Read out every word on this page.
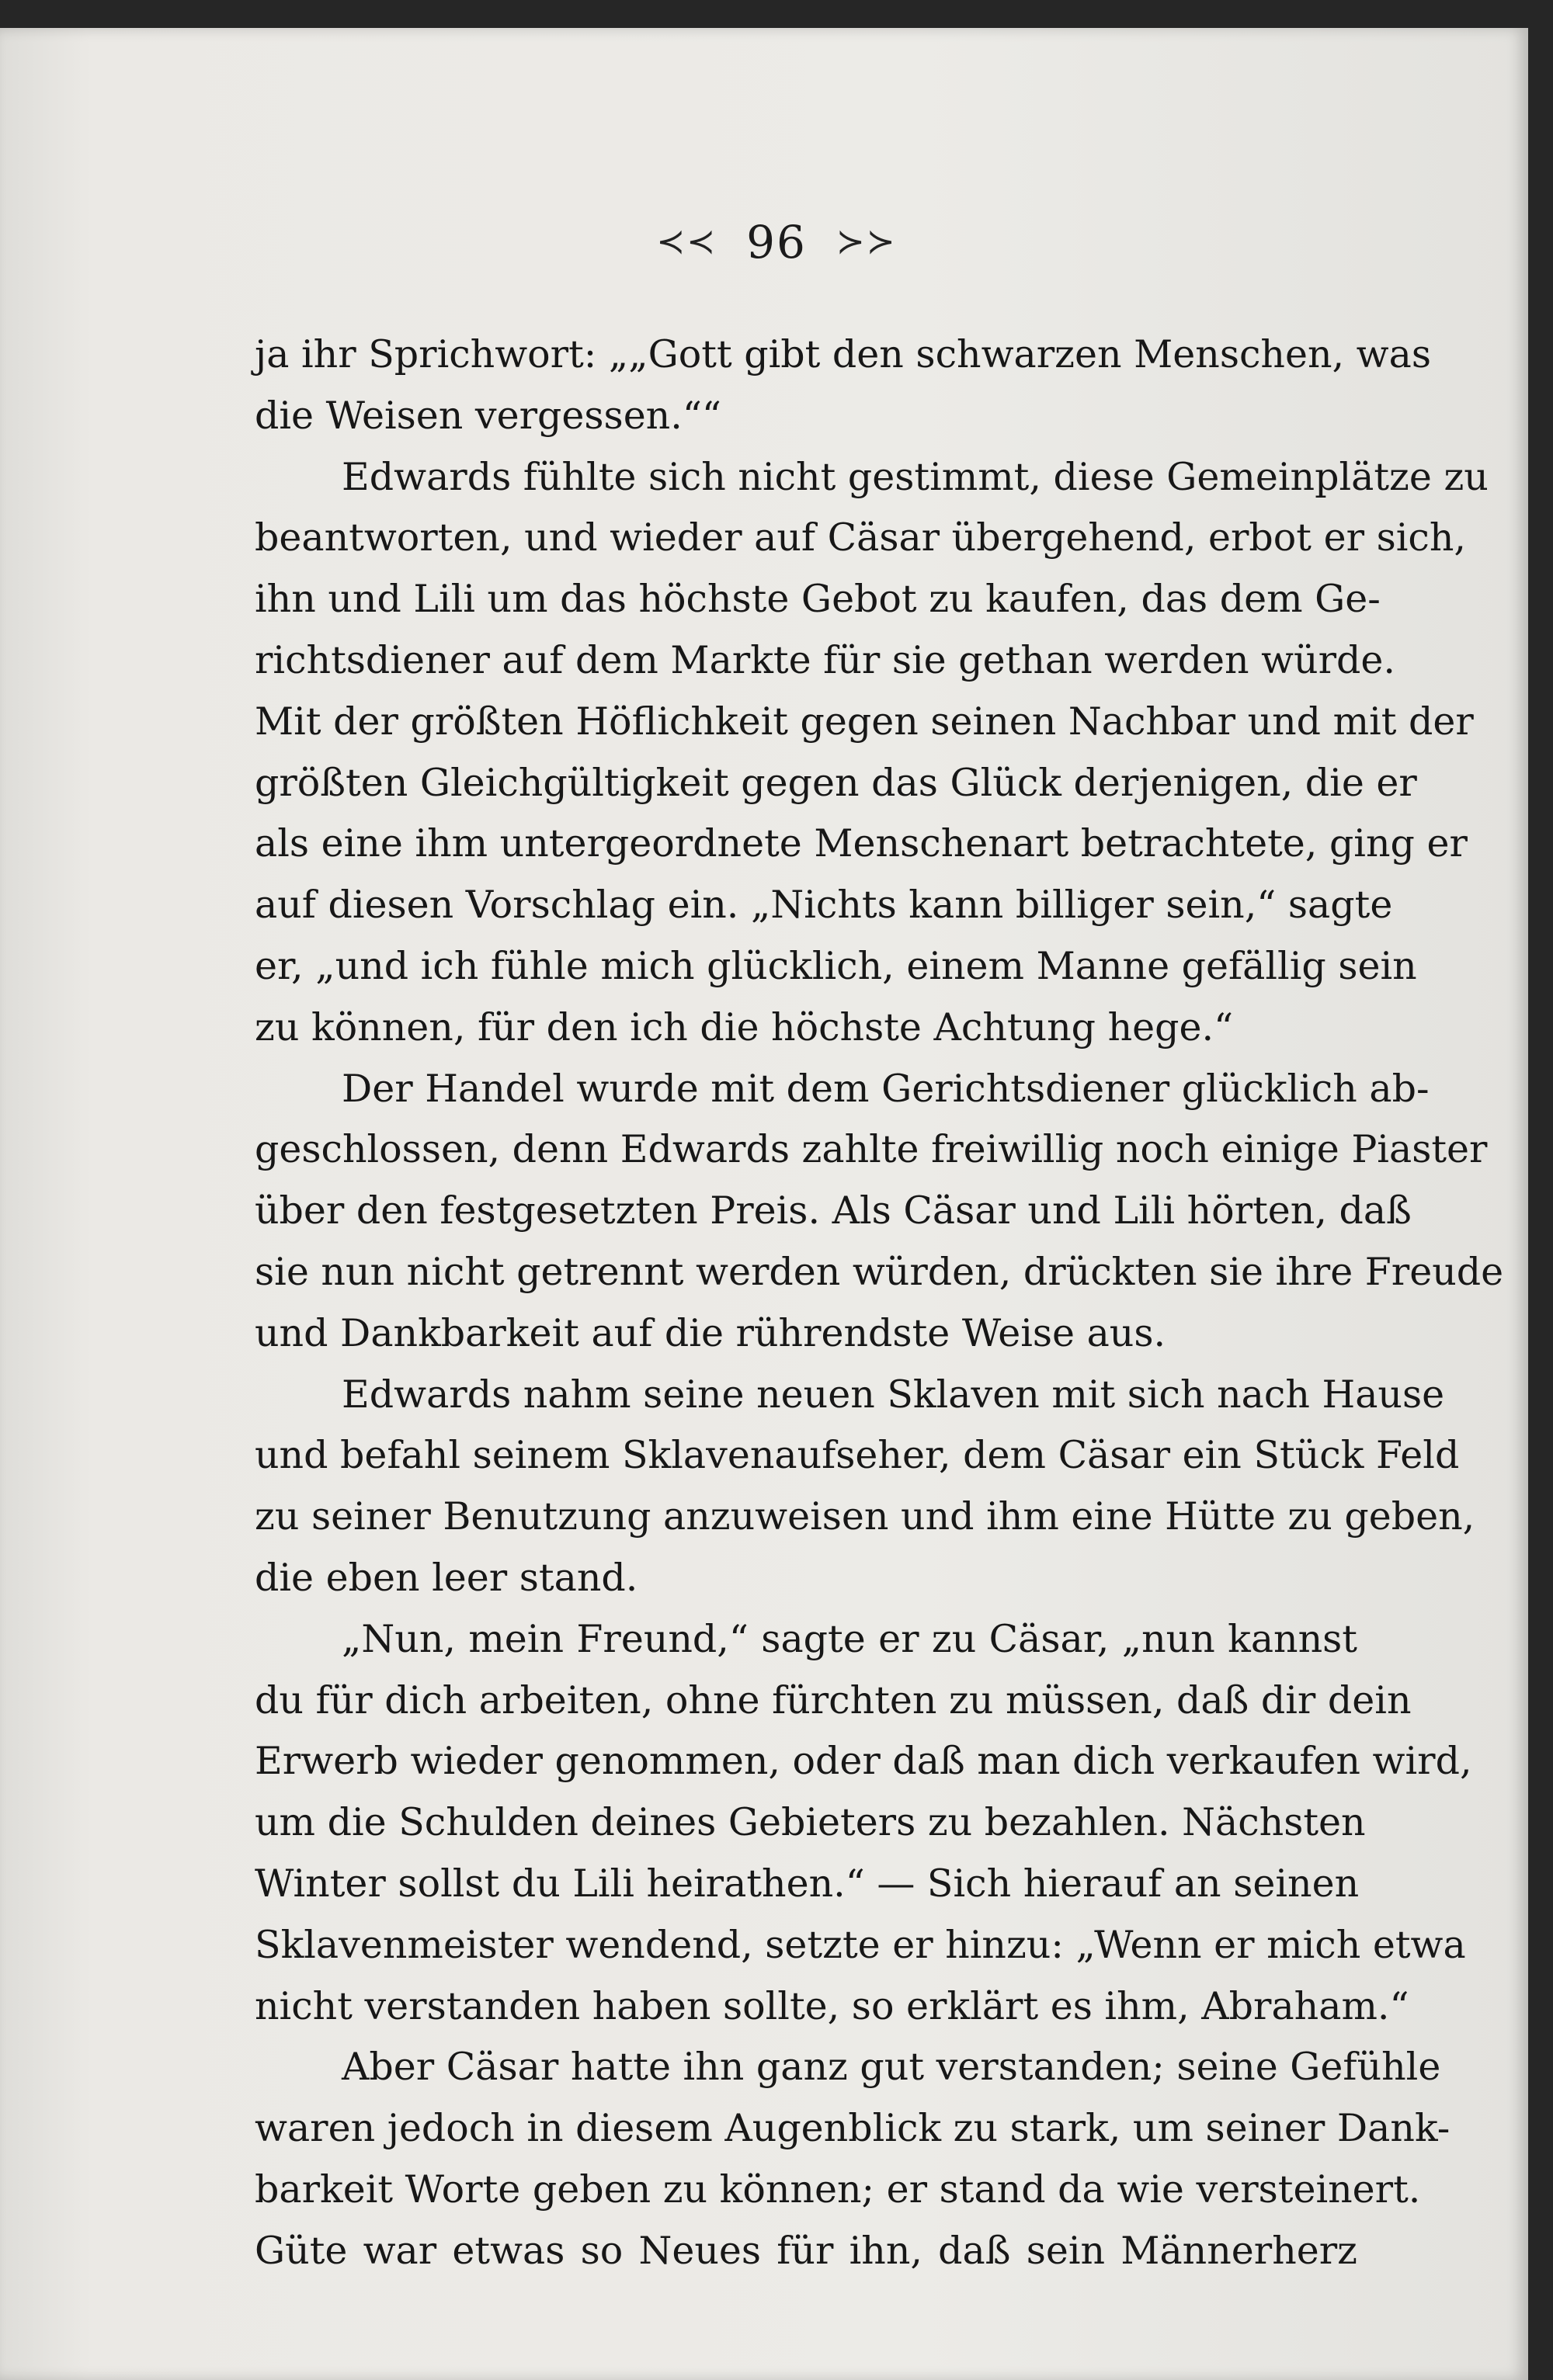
≺≺ 96 ≻≻
ja ihr Sprichwort: „„Gott gibt den schwarzen Menschen, was
die Weisen vergessen.““
Edwards fühlte sich nicht gestimmt, diese Gemeinplätze zu
beantworten, und wieder auf Cäsar übergehend, erbot er sich,
ihn und Lili um das höchste Gebot zu kaufen, das dem Ge-
richtsdiener auf dem Markte für sie gethan werden würde.
Mit der größten Höflichkeit gegen seinen Nachbar und mit der
größten Gleichgültigkeit gegen das Glück derjenigen, die er
als eine ihm untergeordnete Menschenart betrachtete, ging er
auf diesen Vorschlag ein. „Nichts kann billiger sein,“ sagte
er, „und ich fühle mich glücklich, einem Manne gefällig sein
zu können, für den ich die höchste Achtung hege.“
Der Handel wurde mit dem Gerichtsdiener glücklich ab-
geschlossen, denn Edwards zahlte freiwillig noch einige Piaster
über den festgesetzten Preis. Als Cäsar und Lili hörten, daß
sie nun nicht getrennt werden würden, drückten sie ihre Freude
und Dankbarkeit auf die rührendste Weise aus.
Edwards nahm seine neuen Sklaven mit sich nach Hause
und befahl seinem Sklavenaufseher, dem Cäsar ein Stück Feld
zu seiner Benutzung anzuweisen und ihm eine Hütte zu geben,
die eben leer stand.
„Nun, mein Freund,“ sagte er zu Cäsar, „nun kannst
du für dich arbeiten, ohne fürchten zu müssen, daß dir dein
Erwerb wieder genommen, oder daß man dich verkaufen wird,
um die Schulden deines Gebieters zu bezahlen. Nächsten
Winter sollst du Lili heirathen.“ — Sich hierauf an seinen
Sklavenmeister wendend, setzte er hinzu: „Wenn er mich etwa
nicht verstanden haben sollte, so erklärt es ihm, Abraham.“
Aber Cäsar hatte ihn ganz gut verstanden; seine Gefühle
waren jedoch in diesem Augenblick zu stark, um seiner Dank-
barkeit Worte geben zu können; er stand da wie versteinert.
Güte war etwas so Neues für ihn, daß sein Männerherz
